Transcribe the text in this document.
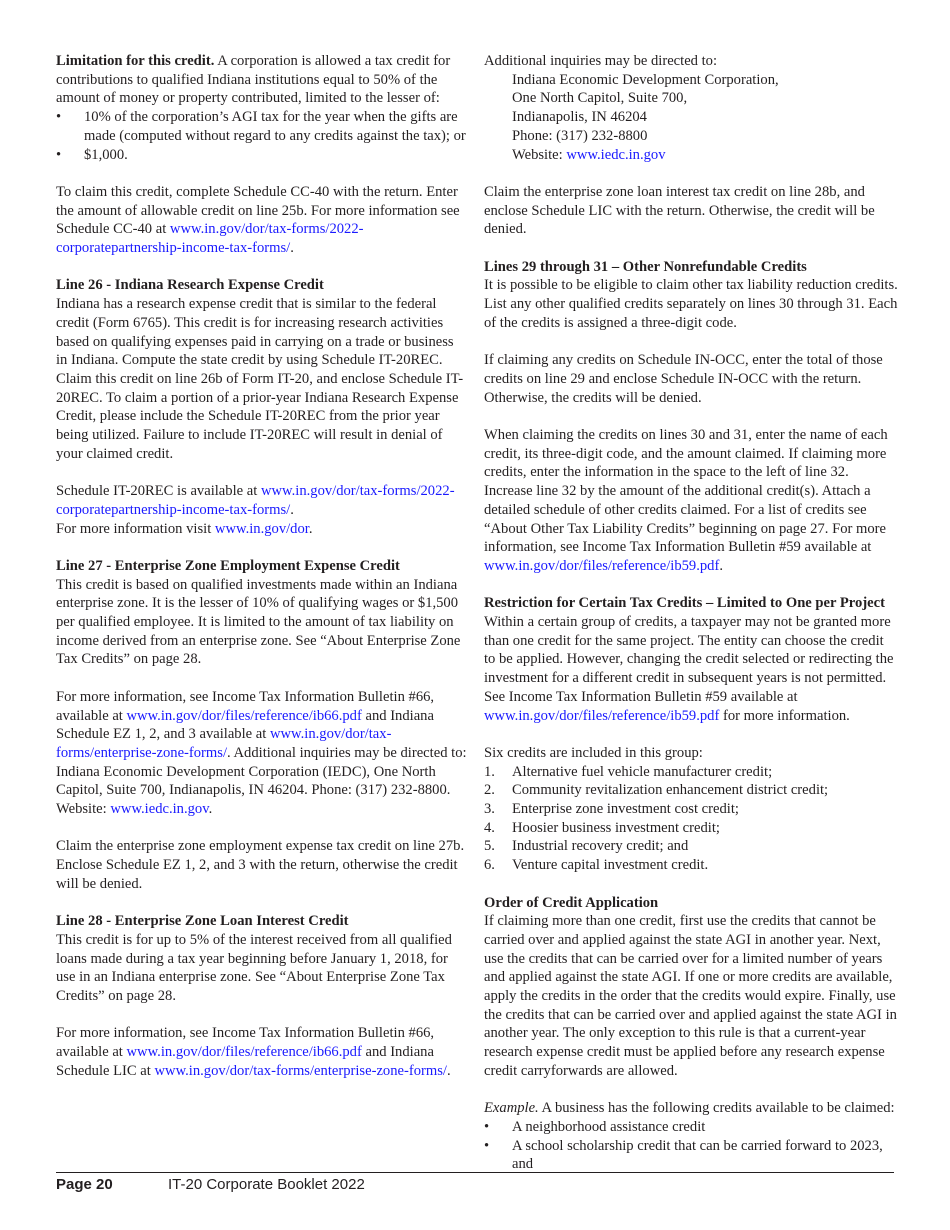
Limitation for this credit. A corporation is allowed a tax credit for contributions to qualified Indiana institutions equal to 50% of the amount of money or property contributed, limited to the lesser of:

• 10% of the corporation’s AGI tax for the year when the gifts are made (computed without regard to any credits against the tax); or
• $1,000.

To claim this credit, complete Schedule CC-40 with the return. Enter the amount of allowable credit on line 25b. For more information see Schedule CC-40 at www.in.gov/dor/tax-forms/2022-corporatepartnership-income-tax-forms/.

Line 26 - Indiana Research Expense Credit

Indiana has a research expense credit that is similar to the federal credit (Form 6765). This credit is for increasing research activities based on qualifying expenses paid in carrying on a trade or business in Indiana. Compute the state credit by using Schedule IT-20REC. Claim this credit on line 26b of Form IT-20, and enclose Schedule IT-20REC. To claim a portion of a prior-year Indiana Research Expense Credit, please include the Schedule IT-20REC from the prior year being utilized. Failure to include IT-20REC will result in denial of your claimed credit.

Schedule IT-20REC is available at www.in.gov/dor/tax-forms/2022-corporatepartnership-income-tax-forms/.
For more information visit www.in.gov/dor.

Line 27 - Enterprise Zone Employment Expense Credit

This credit is based on qualified investments made within an Indiana enterprise zone. It is the lesser of 10% of qualifying wages or $1,500 per qualified employee. It is limited to the amount of tax liability on income derived from an enterprise zone. See “About Enterprise Zone Tax Credits” on page 28.

For more information, see Income Tax Information Bulletin #66, available at www.in.gov/dor/files/reference/ib66.pdf and Indiana Schedule EZ 1, 2, and 3 available at www.in.gov/dor/tax-forms/enterprise-zone-forms/. Additional inquiries may be directed to: Indiana Economic Development Corporation (IEDC), One North Capitol, Suite 700, Indianapolis, IN 46204. Phone: (317) 232-8800. Website: www.iedc.in.gov.

Claim the enterprise zone employment expense tax credit on line 27b. Enclose Schedule EZ 1, 2, and 3 with the return, otherwise the credit will be denied.

Line 28 - Enterprise Zone Loan Interest Credit

This credit is for up to 5% of the interest received from all qualified loans made during a tax year beginning before January 1, 2018, for use in an Indiana enterprise zone. See “About Enterprise Zone Tax Credits” on page 28.

For more information, see Income Tax Information Bulletin #66, available at www.in.gov/dor/files/reference/ib66.pdf and Indiana Schedule LIC at www.in.gov/dor/tax-forms/enterprise-zone-forms/.

Additional inquiries may be directed to:

Indiana Economic Development Corporation,

One North Capitol, Suite 700,

Indianapolis, IN 46204

Phone: (317) 232-8800

Website: www.iedc.in.gov

Claim the enterprise zone loan interest tax credit on line 28b, and enclose Schedule LIC with the return. Otherwise, the credit will be denied.

Lines 29 through 31 – Other Nonrefundable Credits

It is possible to be eligible to claim other tax liability reduction credits. List any other qualified credits separately on lines 30 through 31. Each of the credits is assigned a three-digit code.

If claiming any credits on Schedule IN-OCC, enter the total of those credits on line 29 and enclose Schedule IN-OCC with the return. Otherwise, the credits will be denied.

When claiming the credits on lines 30 and 31, enter the name of each credit, its three-digit code, and the amount claimed. If claiming more credits, enter the information in the space to the left of line 32. Increase line 32 by the amount of the additional credit(s). Attach a detailed schedule of other credits claimed. For a list of credits see “About Other Tax Liability Credits” beginning on page 27. For more information, see Income Tax Information Bulletin #59 available at www.in.gov/dor/files/reference/ib59.pdf.

Restriction for Certain Tax Credits – Limited to One per Project

Within a certain group of credits, a taxpayer may not be granted more than one credit for the same project. The entity can choose the credit to be applied. However, changing the credit selected or redirecting the investment for a different credit in subsequent years is not permitted. See Income Tax Information Bulletin #59 available at www.in.gov/dor/files/reference/ib59.pdf for more information.

Six credits are included in this group:

1. Alternative fuel vehicle manufacturer credit;
2. Community revitalization enhancement district credit;
3. Enterprise zone investment cost credit;
4. Hoosier business investment credit;
5. Industrial recovery credit; and
6. Venture capital investment credit.

Order of Credit Application

If claiming more than one credit, first use the credits that cannot be carried over and applied against the state AGI in another year. Next, use the credits that can be carried over for a limited number of years and applied against the state AGI. If one or more credits are available, apply the credits in the order that the credits would expire. Finally, use the credits that can be carried over and applied against the state AGI in another year. The only exception to this rule is that a current-year research expense credit must be applied before any research expense credit carryforwards are allowed.

Example. A business has the following credits available to be claimed:

• A neighborhood assistance credit
• A school scholarship credit that can be carried forward to 2023, and
Page 20	IT-20 Corporate Booklet 2022
